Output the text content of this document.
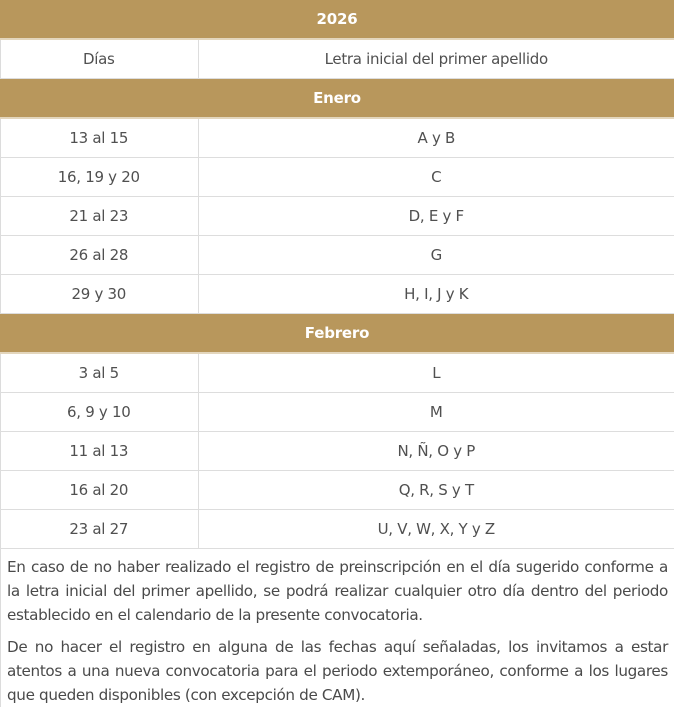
2026	
Días	Letra inicial del primer apellido
Enero	
13 al 15	A y B
16, 19 y 20	C
21 al 23	D, E y F
26 al 28	G
29 y 30	H, I, J y K
Febrero	
3 al 5	L
6, 9 y 10	M
11 al 13	N, Ñ, O y P
16 al 20	Q, R, S y T
23 al 27	U, V, W, X, Y y Z

En caso de no haber realizado el registro de preinscripción en el día sugerido conforme a la letra inicial del primer apellido, se podrá realizar cualquier otro día dentro del periodo establecido en el calendario de la presente convocatoria.

De no hacer el registro en alguna de las fechas aquí señaladas, los invitamos a estar atentos a una nueva convocatoria para el periodo extemporáneo, conforme a los lugares que queden disponibles (con excepción de CAM).
